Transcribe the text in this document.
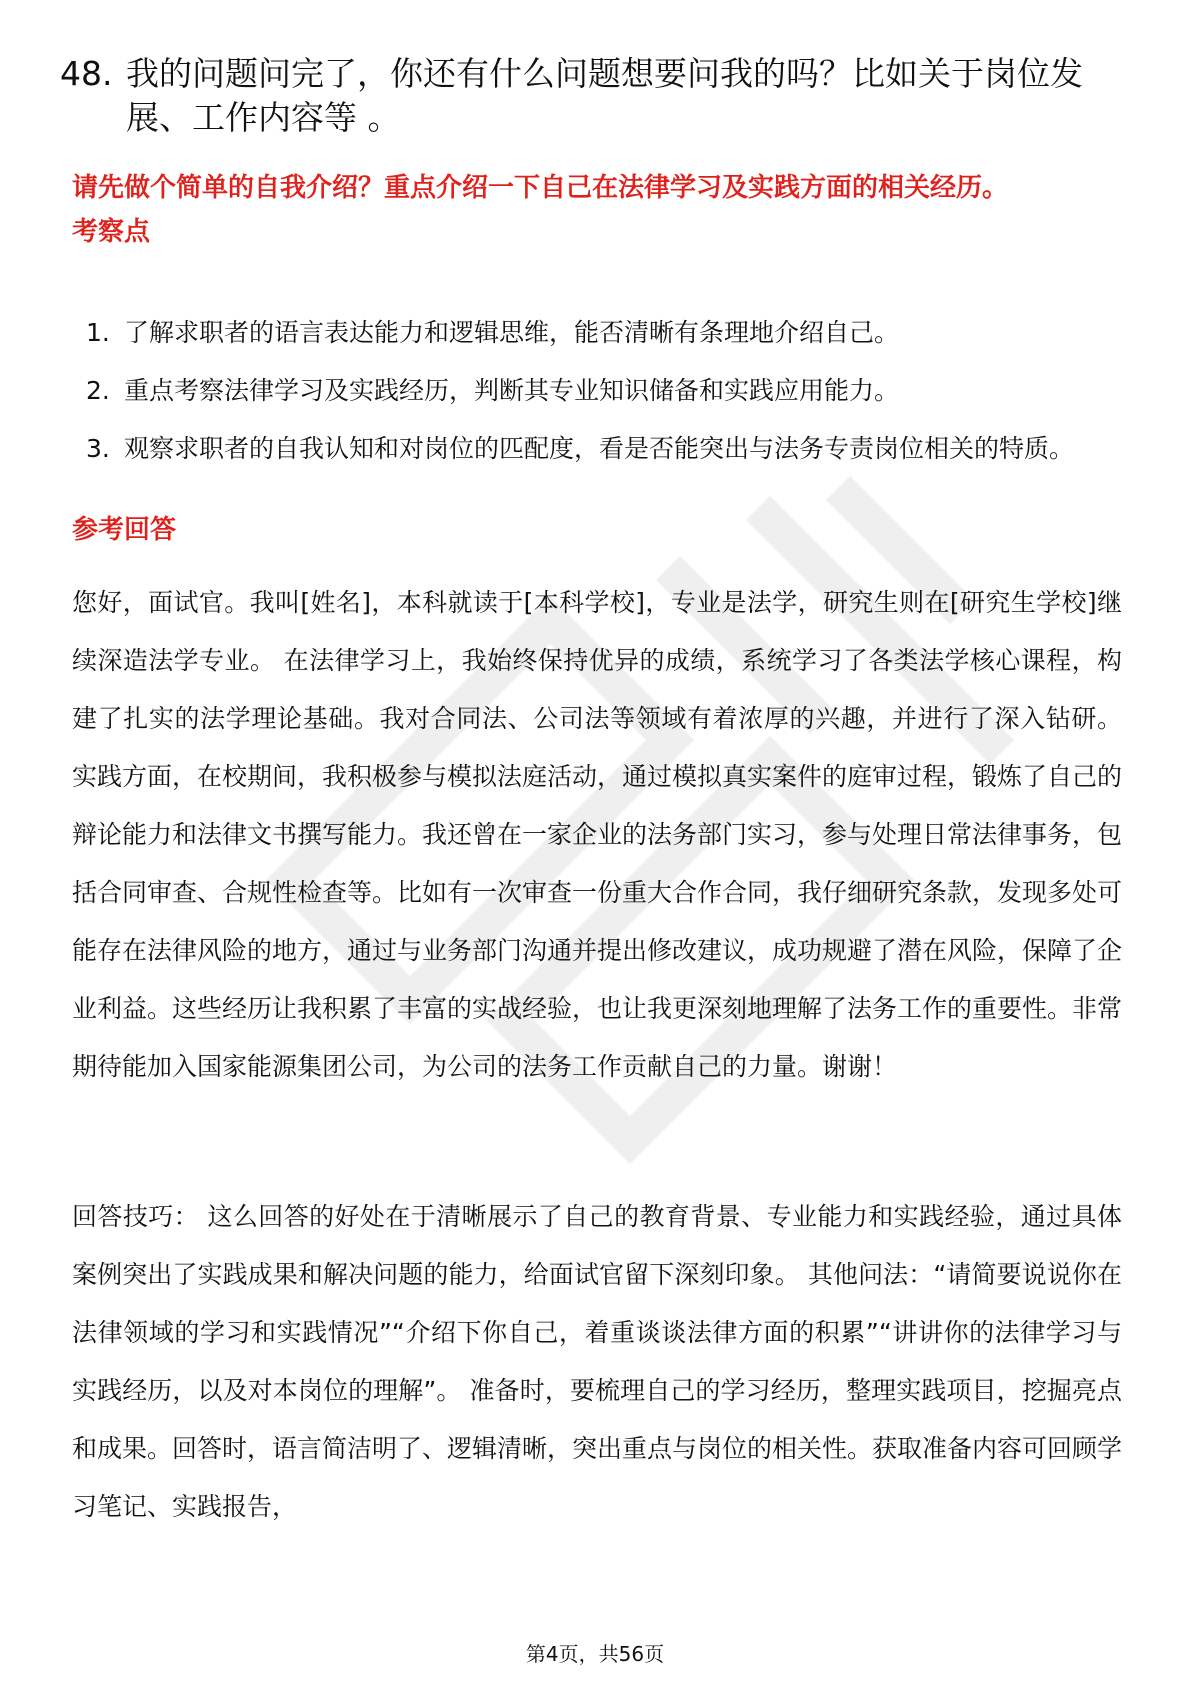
48. 我的问题问完了，你还有什么问题想要问我的吗？比如关于岗位发展、工作内容等 。
请先做个简单的自我介绍？重点介绍一下自己在法律学习及实践方面的相关经历。
考察点
1. 了解求职者的语言表达能力和逻辑思维，能否清晰有条理地介绍自己。
2. 重点考察法律学习及实践经历，判断其专业知识储备和实践应用能力。
3. 观察求职者的自我认知和对岗位的匹配度，看是否能突出与法务专责岗位相关的特质。
参考回答

您好，面试官。我叫[姓名]，本科就读于[本科学校]，专业是法学，研究生则在[研究生学校]继续深造法学专业。 在法律学习上，我始终保持优异的成绩，系统学习了各类法学核心课程，构建了扎实的法学理论基础。我对合同法、公司法等领域有着浓厚的兴趣，并进行了深入钻研。 实践方面，在校期间，我积极参与模拟法庭活动，通过模拟真实案件的庭审过程，锻炼了自己的辩论能力和法律文书撰写能力。我还曾在一家企业的法务部门实习，参与处理日常法律事务，包括合同审查、合规性检查等。比如有一次审查一份重大合作合同，我仔细研究条款，发现多处可能存在法律风险的地方，通过与业务部门沟通并提出修改建议，成功规避了潜在风险，保障了企业利益。这些经历让我积累了丰富的实战经验，也让我更深刻地理解了法务工作的重要性。非常期待能加入国家能源集团公司，为公司的法务工作贡献自己的力量。谢谢！

回答技巧： 这么回答的好处在于清晰展示了自己的教育背景、专业能力和实践经验，通过具体案例突出了实践成果和解决问题的能力，给面试官留下深刻印象。 其他问法：“请简要说说你在法律领域的学习和实践情况”“介绍下你自己，着重谈谈法律方面的积累”“讲讲你的法律学习与实践经历，以及对本岗位的理解”。 准备时，要梳理自己的学习经历，整理实践项目，挖掘亮点和成果。回答时，语言简洁明了、逻辑清晰，突出重点与岗位的相关性。获取准备内容可回顾学习笔记、实践报告，

第4页，共56页
